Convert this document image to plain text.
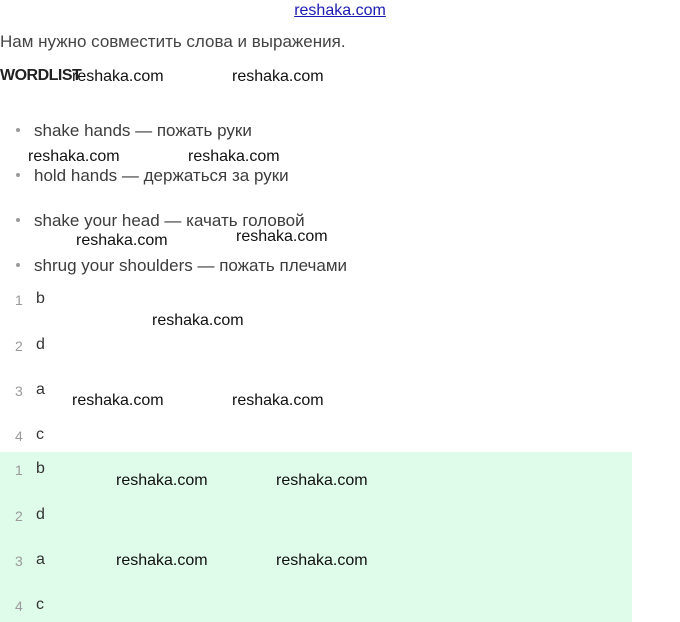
reshaka.com
Нам нужно совместить слова и выражения.
WORDLIST
shake hands — пожать руки
hold hands — держаться за руки
shake your head — качать головой
shrug your shoulders — пожать плечами
1 b
2 d
3 a
4 c
1 b
2 d
3 a
4 c
reshaka.com	reshaka.com
reshaka.com	reshaka.com
reshaka.com	reshaka.com
reshaka.com
reshaka.com	reshaka.com
reshaka.com	reshaka.com
reshaka.com	reshaka.com
